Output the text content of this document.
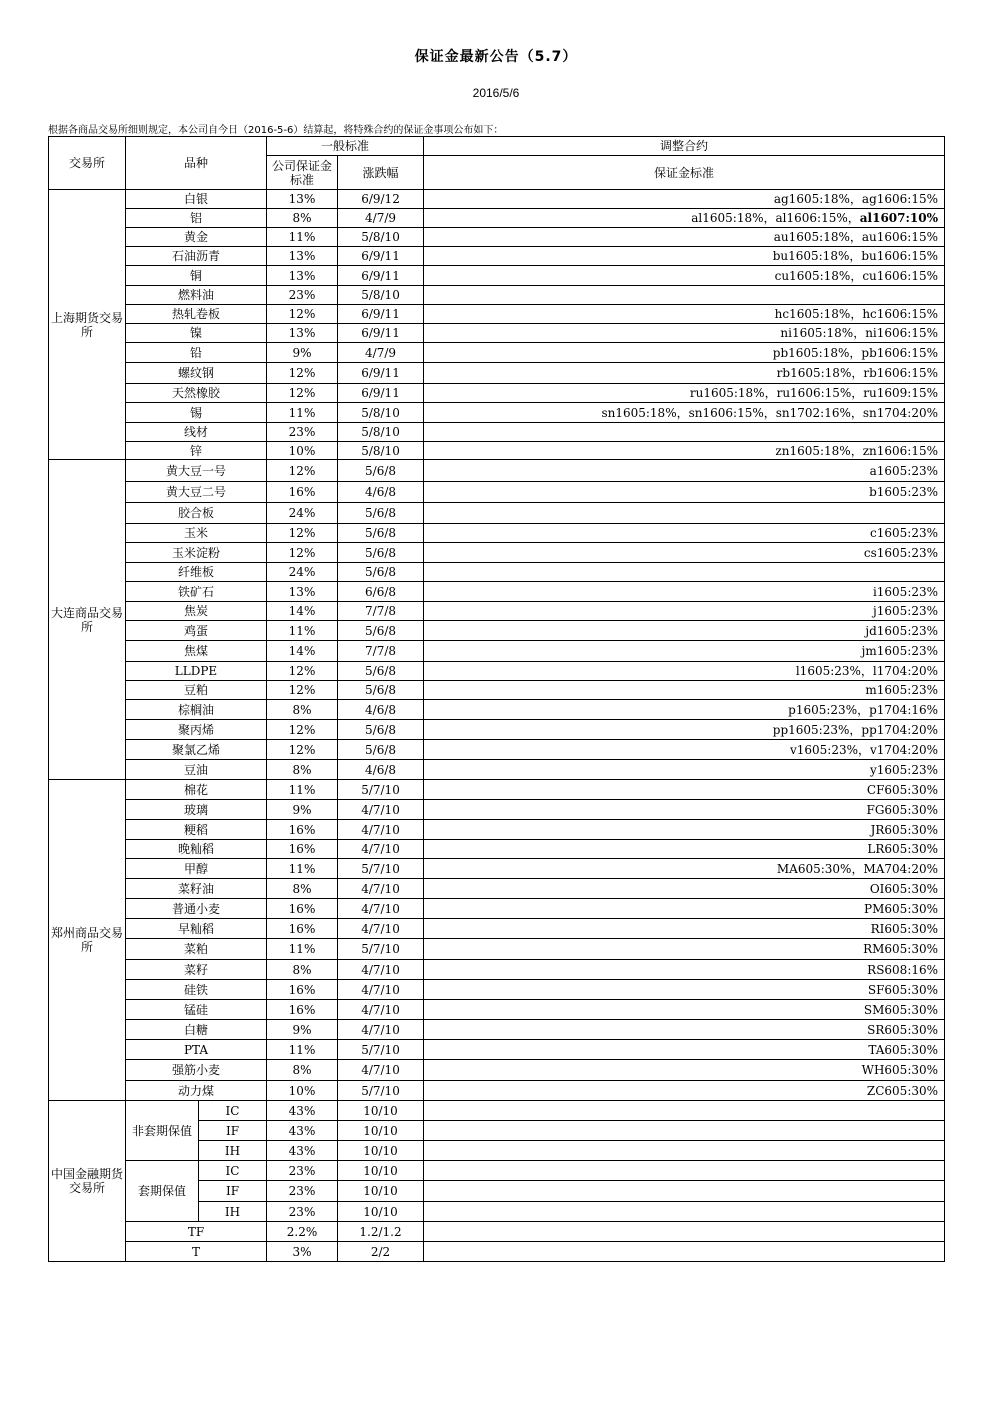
保证金最新公告（5.7）
2016/5/6
根据各商品交易所细则规定，本公司自今日（2016-5-6）结算起，将特殊合约的保证金事项公布如下：
交易所	品种		一般标准		调整合约
			公司保证金标准	涨跌幅	保证金标准
上海期货交易所	白银		13%	6/9/12	ag1605:18%，ag1606:15%
	铝		8%	4/7/9	al1605:18%，al1606:15%，al1607:10%
	黄金		11%	5/8/10	au1605:18%，au1606:15%
	石油沥青		13%	6/9/11	bu1605:18%，bu1606:15%
	铜		13%	6/9/11	cu1605:18%，cu1606:15%
	燃料油		23%	5/8/10	
	热轧卷板		12%	6/9/11	hc1605:18%，hc1606:15%
	镍		13%	6/9/11	ni1605:18%，ni1606:15%
	铅		9%	4/7/9	pb1605:18%，pb1606:15%
	螺纹钢		12%	6/9/11	rb1605:18%，rb1606:15%
	天然橡胶		12%	6/9/11	ru1605:18%，ru1606:15%，ru1609:15%
	锡		11%	5/8/10	sn1605:18%，sn1606:15%，sn1702:16%，sn1704:20%
	线材		23%	5/8/10	
	锌		10%	5/8/10	zn1605:18%，zn1606:15%
大连商品交易所	黄大豆一号		12%	5/6/8	a1605:23%
	黄大豆二号		16%	4/6/8	b1605:23%
	胶合板		24%	5/6/8	
	玉米		12%	5/6/8	c1605:23%
	玉米淀粉		12%	5/6/8	cs1605:23%
	纤维板		24%	5/6/8	
	铁矿石		13%	6/6/8	i1605:23%
	焦炭		14%	7/7/8	j1605:23%
	鸡蛋		11%	5/6/8	jd1605:23%
	焦煤		14%	7/7/8	jm1605:23%
	LLDPE		12%	5/6/8	l1605:23%，l1704:20%
	豆粕		12%	5/6/8	m1605:23%
	棕榈油		8%	4/6/8	p1605:23%，p1704:16%
	聚丙烯		12%	5/6/8	pp1605:23%，pp1704:20%
	聚氯乙烯		12%	5/6/8	v1605:23%，v1704:20%
	豆油		8%	4/6/8	y1605:23%
郑州商品交易所	棉花		11%	5/7/10	CF605:30%
	玻璃		9%	4/7/10	FG605:30%
	粳稻		16%	4/7/10	JR605:30%
	晚籼稻		16%	4/7/10	LR605:30%
	甲醇		11%	5/7/10	MA605:30%，MA704:20%
	菜籽油		8%	4/7/10	OI605:30%
	普通小麦		16%	4/7/10	PM605:30%
	早籼稻		16%	4/7/10	RI605:30%
	菜粕		11%	5/7/10	RM605:30%
	菜籽		8%	4/7/10	RS608:16%
	硅铁		16%	4/7/10	SF605:30%
	锰硅		16%	4/7/10	SM605:30%
	白糖		9%	4/7/10	SR605:30%
	PTA		11%	5/7/10	TA605:30%
	强筋小麦		8%	4/7/10	WH605:30%
	动力煤		10%	5/7/10	ZC605:30%
中国金融期货交易所	非套期保值	IC	43%	10/10	
		IF	43%	10/10	
		IH	43%	10/10	
	套期保值	IC	23%	10/10	
		IF	23%	10/10	
		IH	23%	10/10	
	TF		2.2%	1.2/1.2	
	T		3%	2/2	
